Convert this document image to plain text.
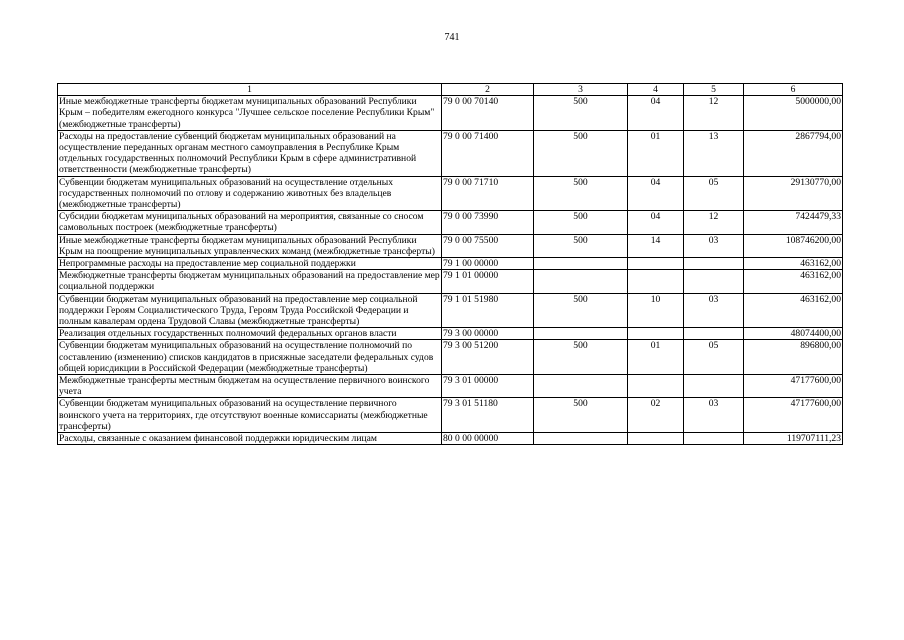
741
1	2	3	4	5	6
Иные межбюджетные трансферты бюджетам муниципальных образований Республики Крым – победителям ежегодного конкурса "Лучшее сельское поселение Республики Крым" (межбюджетные трансферты)	79 0 00 70140	500	04	12	5000000,00
Расходы на предоставление субвенций бюджетам муниципальных образований на осуществление переданных органам местного самоуправления в Республике Крым отдельных государственных полномочий Республики Крым в сфере административной ответственности (межбюджетные трансферты)	79 0 00 71400	500	01	13	2867794,00
Субвенции бюджетам муниципальных образований на осуществление отдельных государственных полномочий по отлову и содержанию животных без владельцев (межбюджетные трансферты)	79 0 00 71710	500	04	05	29130770,00
Субсидии бюджетам муниципальных образований на мероприятия, связанные со сносом самовольных построек (межбюджетные трансферты)	79 0 00 73990	500	04	12	7424479,33
Иные межбюджетные трансферты бюджетам муниципальных образований Республики Крым на поощрение муниципальных управленческих команд (межбюджетные трансферты)	79 0 00 75500	500	14	03	108746200,00
Непрограммные расходы на предоставление мер социальной поддержки	79 1 00 00000				463162,00
Межбюджетные трансферты бюджетам муниципальных образований на предоставление мер социальной поддержки	79 1 01 00000				463162,00
Субвенции бюджетам муниципальных образований на предоставление мер социальной поддержки Героям Социалистического Труда, Героям Труда Российской Федерации и полным кавалерам ордена Трудовой Славы (межбюджетные трансферты)	79 1 01 51980	500	10	03	463162,00
Реализация отдельных государственных полномочий федеральных органов власти	79 3 00 00000				48074400,00
Субвенции бюджетам муниципальных образований на осуществление полномочий по составлению (изменению) списков кандидатов в присяжные заседатели федеральных судов общей юрисдикции в Российской Федерации (межбюджетные трансферты)	79 3 00 51200	500	01	05	896800,00
Межбюджетные трансферты местным бюджетам на осуществление первичного воинского учета	79 3 01 00000				47177600,00
Субвенции бюджетам муниципальных образований на осуществление первичного воинского учета на территориях, где отсутствуют военные комиссариаты (межбюджетные трансферты)	79 3 01 51180	500	02	03	47177600,00
Расходы, связанные с оказанием финансовой поддержки юридическим лицам	80 0 00 00000				119707111,23
